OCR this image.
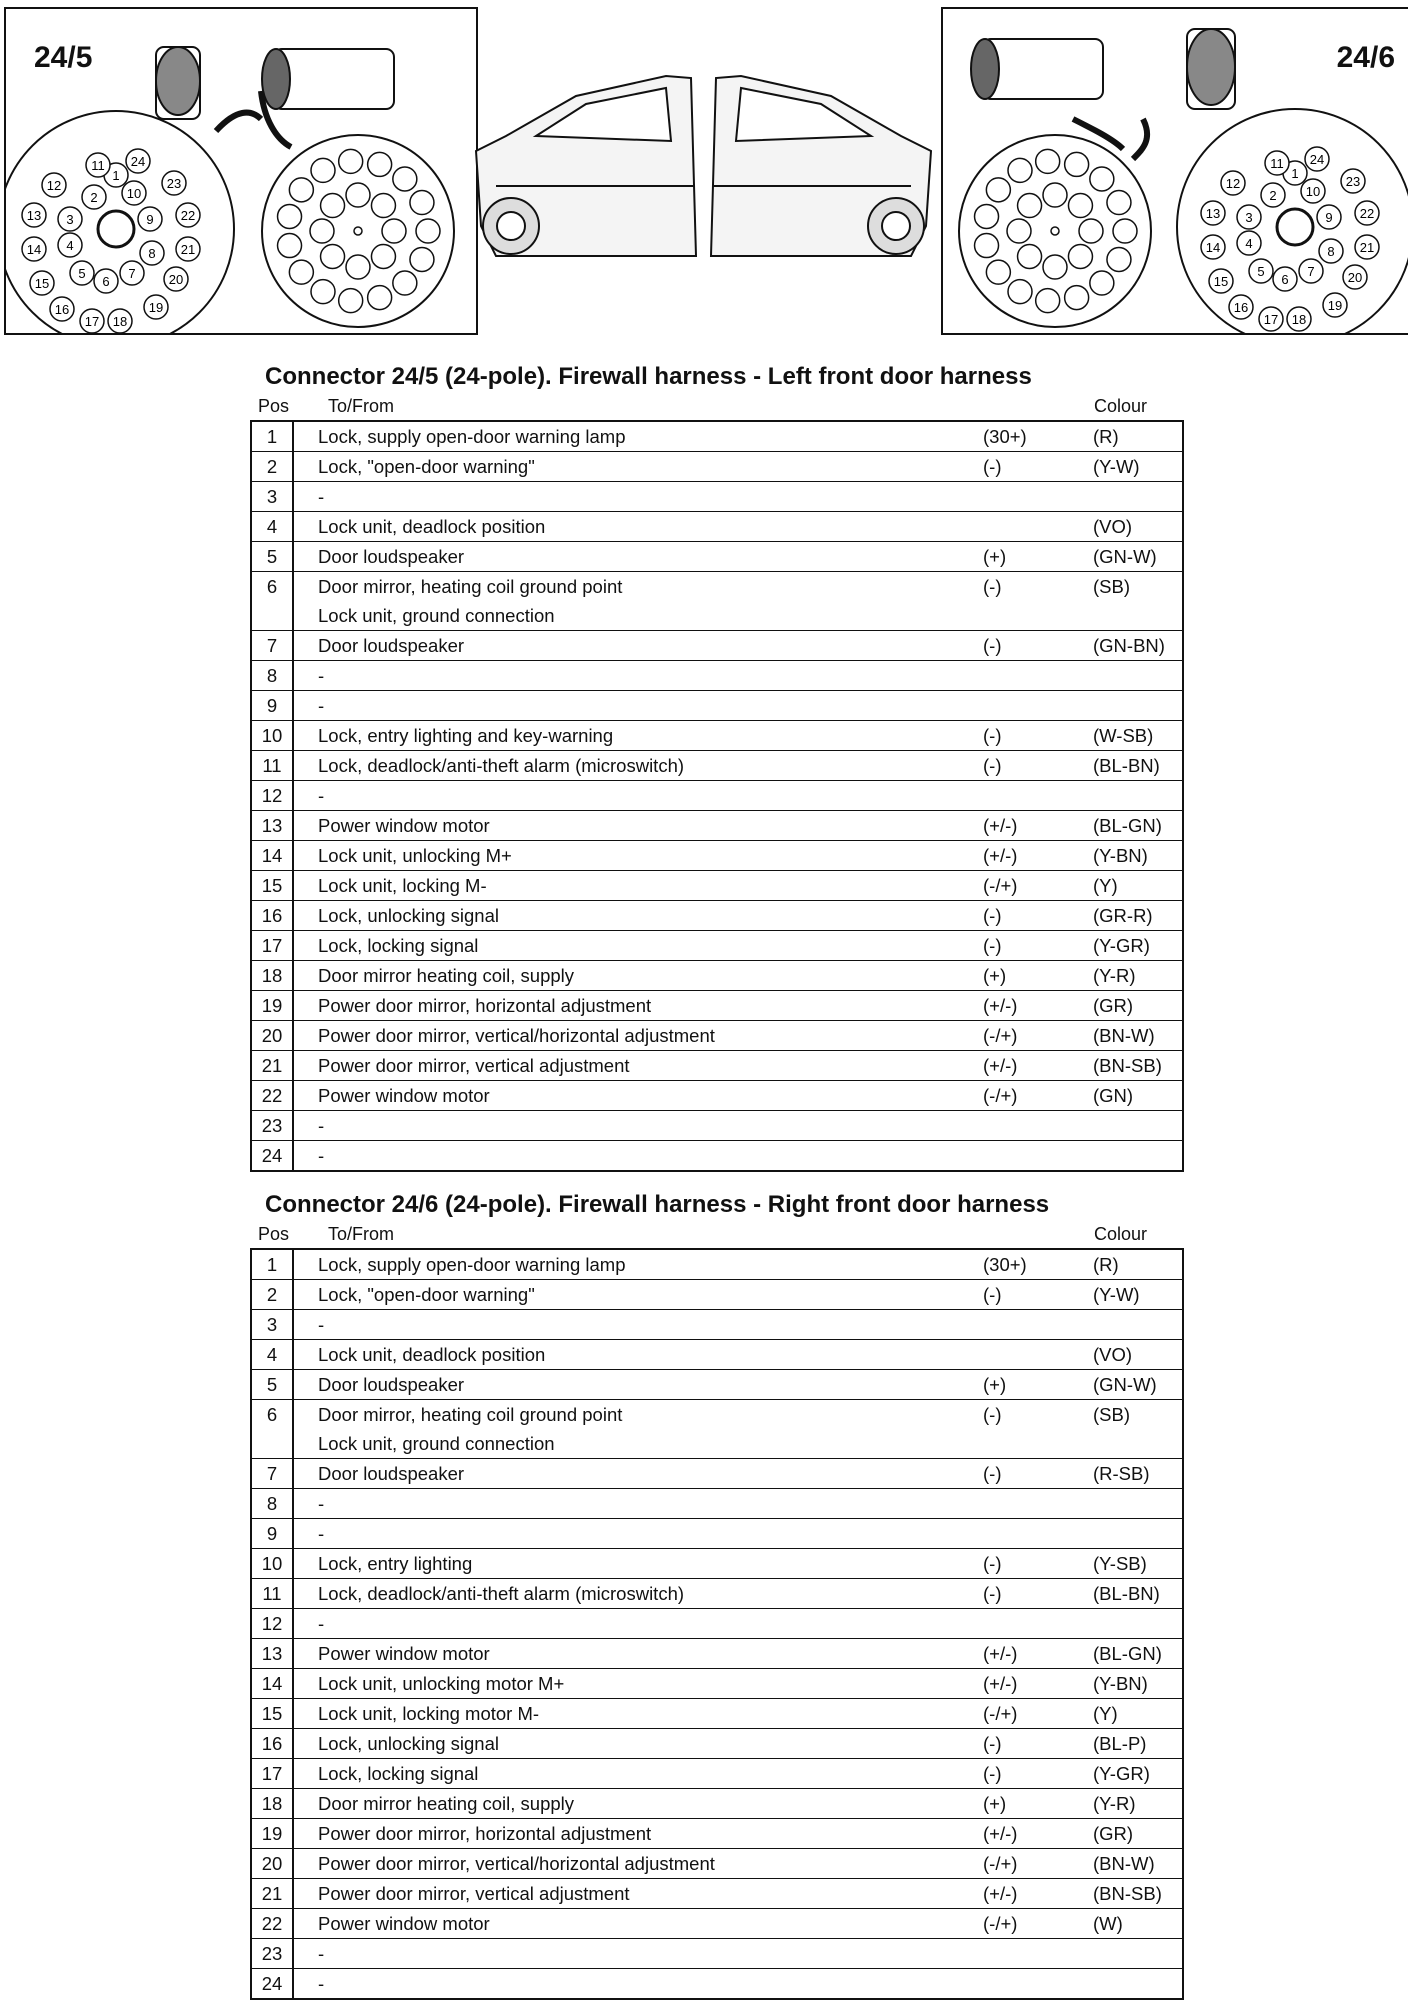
24/5
1
2
3
4
5
6
7
8
9
10
11
12
13
14
15
16
17 18
19
20
21
22
23
24
24/6
1
2
3
4
5
6
7
8
9
10
11
12
13
14
15
16
17 18
19
20
21
22
23
24
Connector 24/5 (24-pole). Firewall harness - Left front door harness
Pos To/From	Colour
1	Lock, supply open-door warning lamp	(30+)	(R)
2	Lock, "open-door warning"	(-)	(Y-W)
3	-		
4	Lock unit, deadlock position		(VO)
5	Door loudspeaker	(+)	(GN-W)
6	Door mirror, heating coil ground point
Lock unit, ground connection	(-)	(SB)
7	Door loudspeaker	(-)	(GN-BN)
8	-		
9	-		
10	Lock, entry lighting and key-warning	(-)	(W-SB)
11	Lock, deadlock/anti-theft alarm (microswitch)	(-)	(BL-BN)
12	-		
13	Power window motor	(+/-)	(BL-GN)
14	Lock unit, unlocking M+	(+/-)	(Y-BN)
15	Lock unit, locking M-	(-/+)	(Y)
16	Lock, unlocking signal	(-)	(GR-R)
17	Lock, locking signal	(-)	(Y-GR)
18	Door mirror heating coil, supply	(+)	(Y-R)
19	Power door mirror, horizontal adjustment	(+/-)	(GR)
20	Power door mirror, vertical/horizontal adjustment	(-/+)	(BN-W)
21	Power door mirror, vertical adjustment	(+/-)	(BN-SB)
22	Power window motor	(-/+)	(GN)
23	-		
24	-		
Connector 24/6 (24-pole). Firewall harness - Right front door harness
Pos To/From	Colour
1	Lock, supply open-door warning lamp	(30+)	(R)
2	Lock, "open-door warning"	(-)	(Y-W)
3	-		
4	Lock unit, deadlock position		(VO)
5	Door loudspeaker	(+)	(GN-W)
6	Door mirror, heating coil ground point
Lock unit, ground connection	(-)	(SB)
7	Door loudspeaker	(-)	(R-SB)
8	-		
9	-		
10	Lock, entry lighting	(-)	(Y-SB)
11	Lock, deadlock/anti-theft alarm (microswitch)	(-)	(BL-BN)
12	-		
13	Power window motor	(+/-)	(BL-GN)
14	Lock unit, unlocking motor M+	(+/-)	(Y-BN)
15	Lock unit, locking motor M-	(-/+)	(Y)
16	Lock, unlocking signal	(-)	(BL-P)
17	Lock, locking signal	(-)	(Y-GR)
18	Door mirror heating coil, supply	(+)	(Y-R)
19	Power door mirror, horizontal adjustment	(+/-)	(GR)
20	Power door mirror, vertical/horizontal adjustment	(-/+)	(BN-W)
21	Power door mirror, vertical adjustment	(+/-)	(BN-SB)
22	Power window motor	(-/+)	(W)
23	-		
24	-		
